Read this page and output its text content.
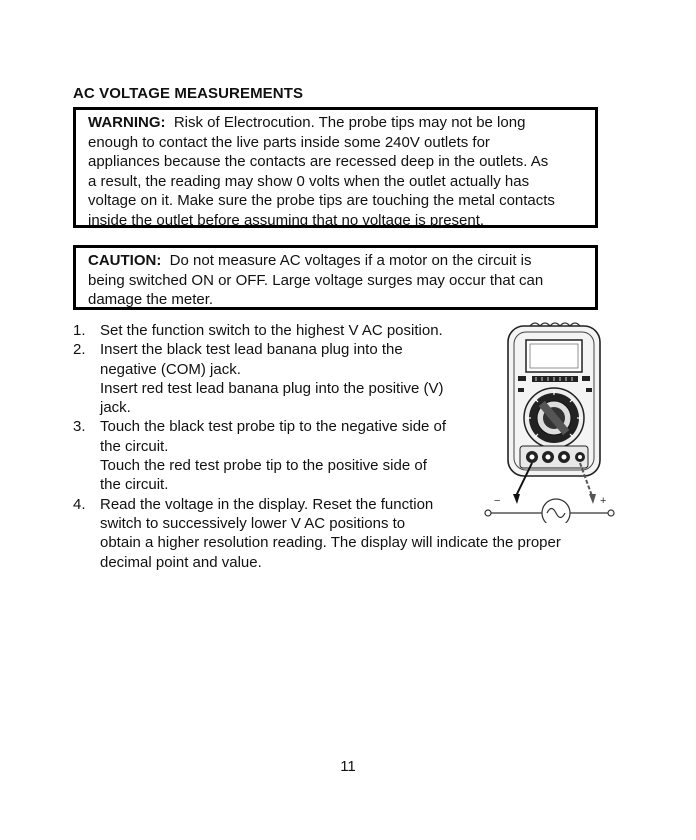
AC VOLTAGE MEASUREMENTS
WARNING: Risk of Electrocution. The probe tips may not be long
enough to contact the live parts inside some 240V outlets for
appliances because the contacts are recessed deep in the outlets. As
a result, the reading may show 0 volts when the outlet actually has
voltage on it. Make sure the probe tips are touching the metal contacts
inside the outlet before assuming that no voltage is present.
CAUTION: Do not measure AC voltages if a motor on the circuit is
being switched ON or OFF. Large voltage surges may occur that can
damage the meter.
1. Set the function switch to the highest V AC position.
2. Insert the black test lead banana plug into the
negative (COM) jack.
Insert red test lead banana plug into the positive (V)
jack.
3. Touch the black test probe tip to the negative side of
the circuit.
Touch the red test probe tip to the positive side of
the circuit.
4. Read the voltage in the display. Reset the function
switch to successively lower V AC positions to
obtain a higher resolution reading. The display will indicate the proper
decimal point and value.
−	+
11
